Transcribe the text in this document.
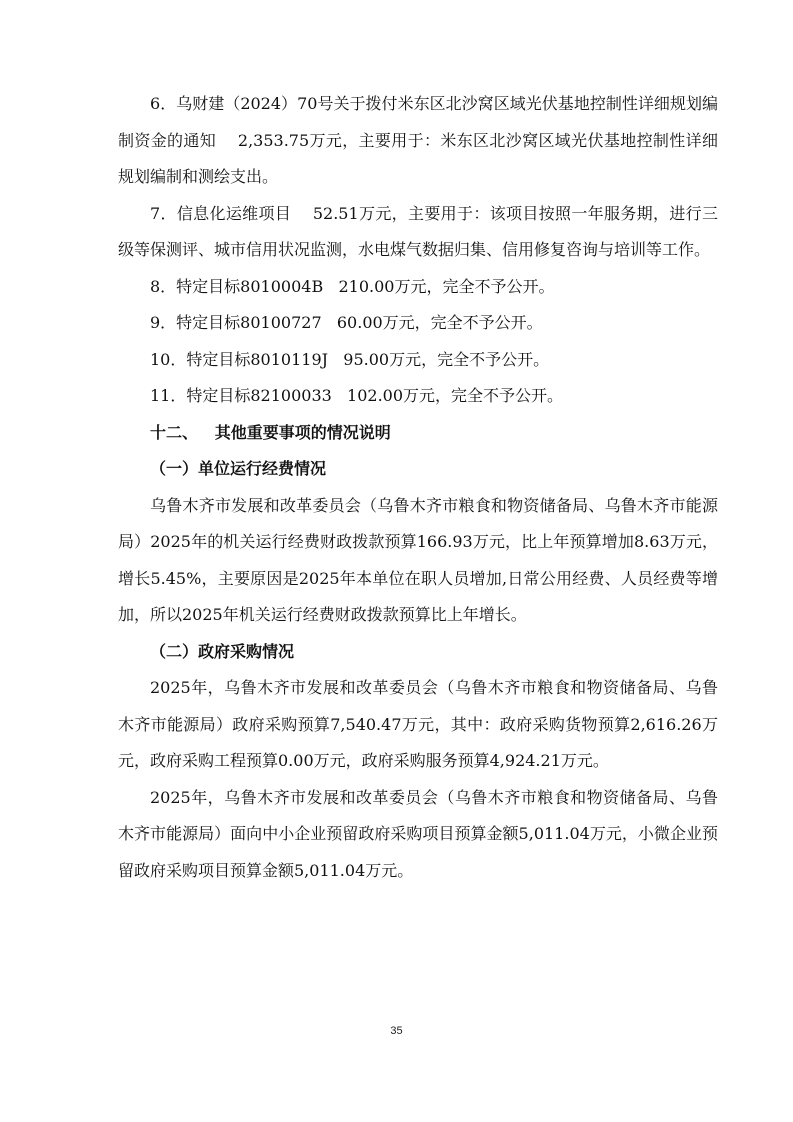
6．乌财建（2024）70号关于拨付米东区北沙窝区域光伏基地控制性详细规划编制资金的通知    2,353.75万元，主要用于：米东区北沙窝区域光伏基地控制性详细规划编制和测绘支出。

7．信息化运维项目    52.51万元，主要用于：该项目按照一年服务期，进行三级等保测评、城市信用状况监测，水电煤气数据归集、信用修复咨询与培训等工作。

8．特定目标8010004B   210.00万元，完全不予公开。

9．特定目标80100727   60.00万元，完全不予公开。

10．特定目标8010119J   95.00万元，完全不予公开。

11．特定目标82100033   102.00万元，完全不予公开。

十二、   其他重要事项的情况说明

（一）单位运行经费情况

乌鲁木齐市发展和改革委员会（乌鲁木齐市粮食和物资储备局、乌鲁木齐市能源局）2025年的机关运行经费财政拨款预算166.93万元，比上年预算增加8.63万元，增长5.45%，主要原因是2025年本单位在职人员增加,日常公用经费、人员经费等增加，所以2025年机关运行经费财政拨款预算比上年增长。

（二）政府采购情况

2025年，乌鲁木齐市发展和改革委员会（乌鲁木齐市粮食和物资储备局、乌鲁木齐市能源局）政府采购预算7,540.47万元，其中：政府采购货物预算2,616.26万元，政府采购工程预算0.00万元，政府采购服务预算4,924.21万元。

2025年，乌鲁木齐市发展和改革委员会（乌鲁木齐市粮食和物资储备局、乌鲁木齐市能源局）面向中小企业预留政府采购项目预算金额5,011.04万元，小微企业预留政府采购项目预算金额5,011.04万元。

35
